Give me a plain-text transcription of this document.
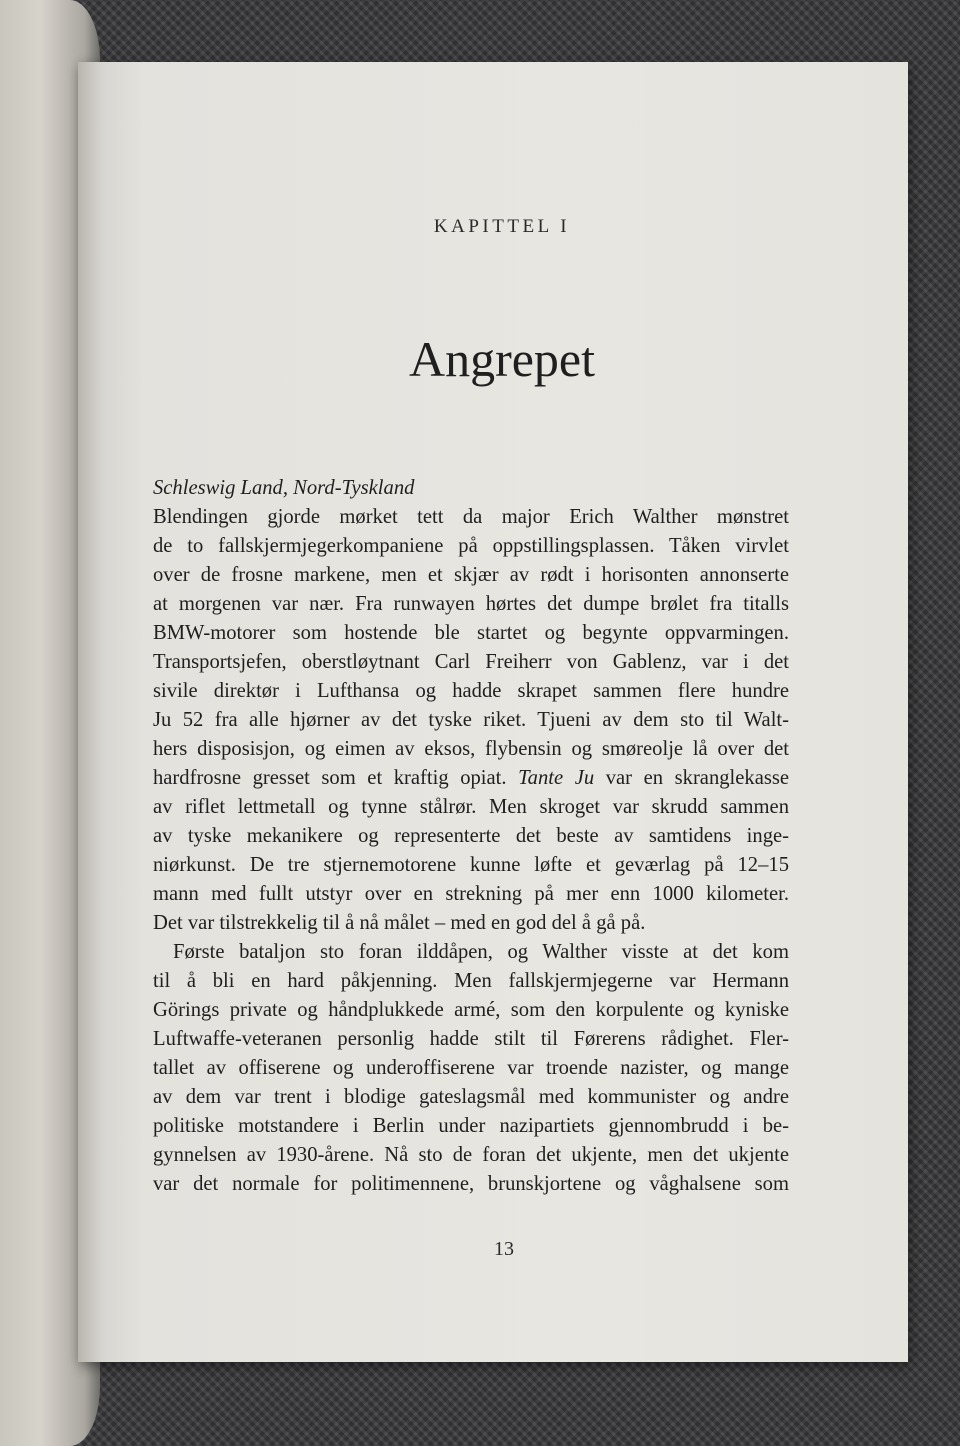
KAPITTEL I
Angrepet
Schleswig Land, Nord-Tyskland
Blendingen gjorde mørket tett da major Erich Walther mønstret
de to fallskjermjegerkompaniene på oppstillingsplassen. Tåken virvlet
over de frosne markene, men et skjær av rødt i horisonten annonserte
at morgenen var nær. Fra runwayen hørtes det dumpe brølet fra titalls
BMW-motorer som hostende ble startet og begynte oppvarmingen.
Transportsjefen, oberstløytnant Carl Freiherr von Gablenz, var i det
sivile direktør i Lufthansa og hadde skrapet sammen flere hundre
Ju 52 fra alle hjørner av det tyske riket. Tjueni av dem sto til Walt-
hers disposisjon, og eimen av eksos, flybensin og smøreolje lå over det
hardfrosne gresset som et kraftig opiat. Tante Ju var en skranglekasse
av riflet lettmetall og tynne stålrør. Men skroget var skrudd sammen
av tyske mekanikere og representerte det beste av samtidens inge-
niørkunst. De tre stjernemotorene kunne løfte et geværlag på 12–15
mann med fullt utstyr over en strekning på mer enn 1000 kilometer.
Det var tilstrekkelig til å nå målet – med en god del å gå på.
Første bataljon sto foran ilddåpen, og Walther visste at det kom
til å bli en hard påkjenning. Men fallskjermjegerne var Hermann
Görings private og håndplukkede armé, som den korpulente og kyniske
Luftwaffe-veteranen personlig hadde stilt til Førerens rådighet. Fler-
tallet av offiserene og underoffiserene var troende nazister, og mange
av dem var trent i blodige gateslagsmål med kommunister og andre
politiske motstandere i Berlin under nazipartiets gjennombrudd i be-
gynnelsen av 1930-årene. Nå sto de foran det ukjente, men det ukjente
var det normale for politimennene, brunskjortene og våghalsene som
13
